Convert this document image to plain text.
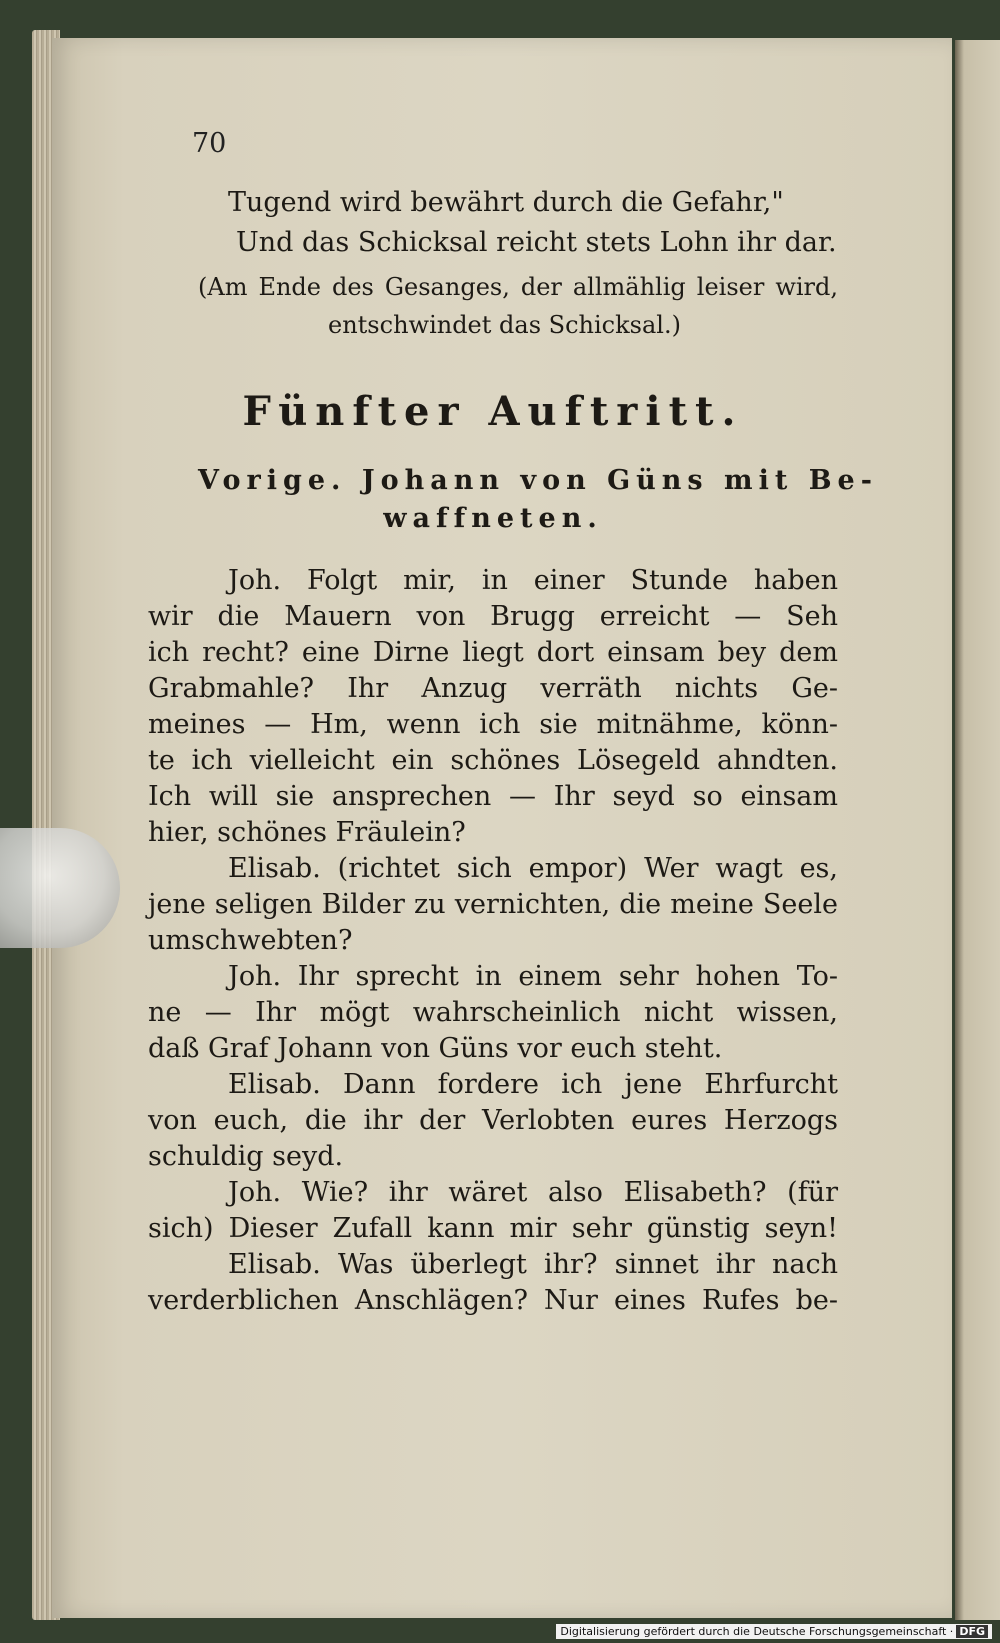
70
Tugend wird bewährt durch die Gefahr,"
Und das Schicksal reicht stets Lohn ihr dar.
(Am Ende des Gesanges, der allmählig leiser wird,
entschwindet das Schicksal.)
Fünfter Auftritt.
Vorige. Johann von Güns mit Be-
waffneten.
Joh. Folgt mir, in einer Stunde haben
wir die Mauern von Brugg erreicht — Seh
ich recht? eine Dirne liegt dort einsam bey dem
Grabmahle? Ihr Anzug verräth nichts Ge-
meines — Hm, wenn ich sie mitnähme, könn-
te ich vielleicht ein schönes Lösegeld ahndten.
Ich will sie ansprechen — Ihr seyd so einsam
hier, schönes Fräulein?
Elisab. (richtet sich empor) Wer wagt es,
jene seligen Bilder zu vernichten, die meine Seele
umschwebten?
Joh. Ihr sprecht in einem sehr hohen To-
ne — Ihr mögt wahrscheinlich nicht wissen,
daß Graf Johann von Güns vor euch steht.
Elisab. Dann fordere ich jene Ehrfurcht
von euch, die ihr der Verlobten eures Herzogs
schuldig seyd.
Joh. Wie? ihr wäret also Elisabeth? (für
sich) Dieser Zufall kann mir sehr günstig seyn!
Elisab. Was überlegt ihr? sinnet ihr nach
verderblichen Anschlägen? Nur eines Rufes be-
Digitalisierung gefördert durch die Deutsche Forschungsgemeinschaft · DFG
